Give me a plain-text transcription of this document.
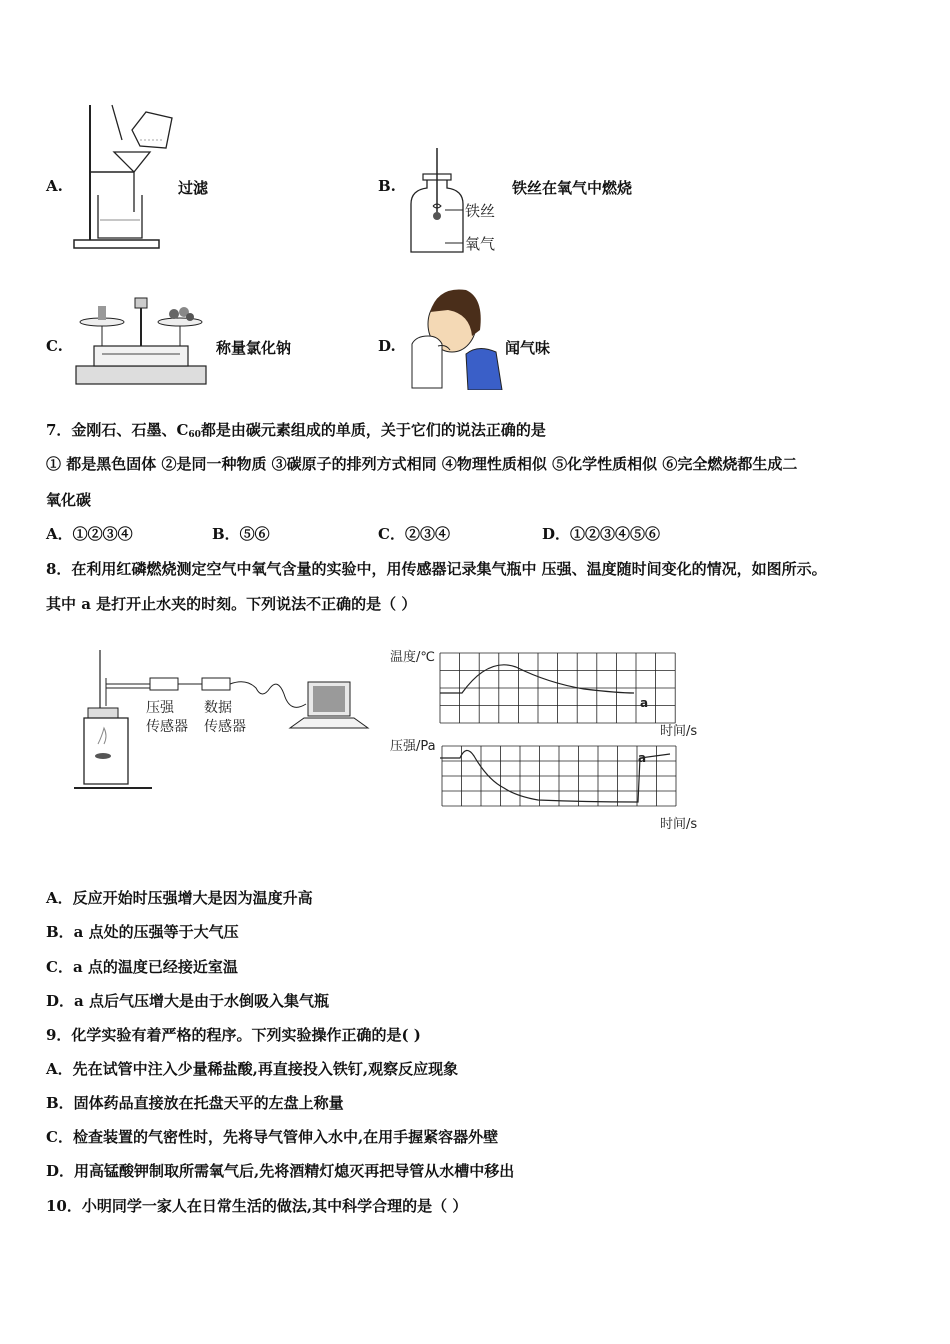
A.	过滤	B.
铁丝
氧气
铁丝在氧气中燃烧
C.	称量氯化钠	D.	闻气味
7．金刚石、石墨、$C_{60}$都是由碳元素组成的单质，关于它们的说法正确的是
① 都是黑色固体 ②是同一种物质 ③碳原子的排列方式相同 ④物理性质相似 ⑤化学性质相似 ⑥完全燃烧都生成二
氧化碳
A．①②③④	B．⑤⑥	C．②③④	D．①②③④⑤⑥
8．在利用红磷燃烧测定空气中氧气含量的实验中，用传感器记录集气瓶中 压强、温度随时间变化的情况，如图所示。
其中 a 是打开止水夹的时刻。下列说法不正确的是（ ）
压强
传感器
数据
传感器
温度/℃
a
时间/s
压强/Pa
a
时间/s
A．反应开始时压强增大是因为温度升高
B．a 点处的压强等于大气压
C．a 点的温度已经接近室温
D．a 点后气压增大是由于水倒吸入集气瓶
9．化学实验有着严格的程序。下列实验操作正确的是( )
A．先在试管中注入少量稀盐酸,再直接投入铁钉,观察反应现象
B．固体药品直接放在托盘天平的左盘上称量
C．检查装置的气密性时，先将导气管伸入水中,在用手握紧容器外壁
D．用高锰酸钾制取所需氧气后,先将酒精灯熄灭再把导管从水槽中移出
10．小明同学一家人在日常生活的做法,其中科学合理的是（ ）
